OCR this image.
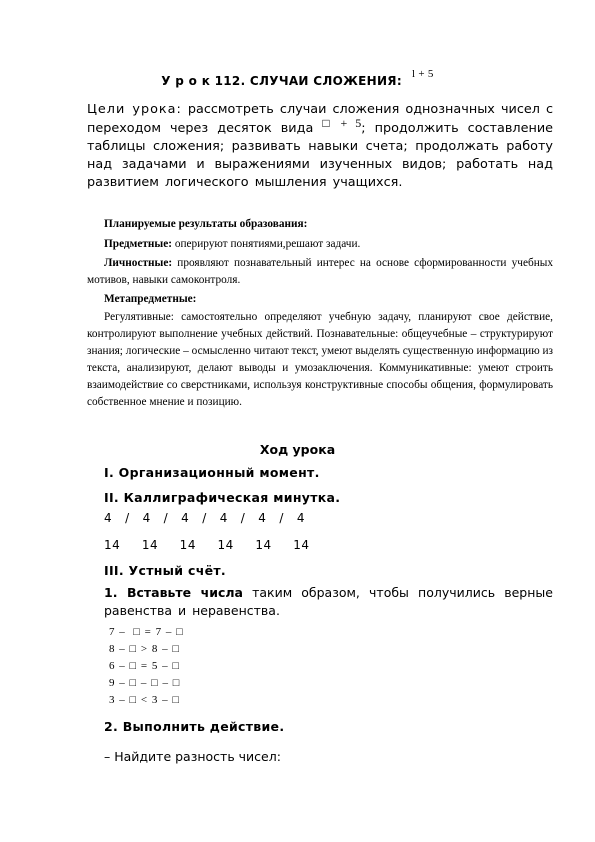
У р о к 112. СЛУЧАИ СЛОЖЕНИЯ: l + 5

Цели урока: рассмотреть случаи сложения однозначных чисел с переходом через десяток вида □ + 5; продолжить составление таблицы сложения; развивать навыки счета; продолжать работу над задачами и выражениями изученных видов; работать над развитием логического мышления учащихся.

Планируемые результаты образования:

Предметные: оперируют понятиями,решают задачи.

Личностные: проявляют познавательный интерес на основе сформированности учебных мотивов, навыки самоконтроля.

Метапредметные:

Регулятивные: самостоятельно определяют учебную задачу, планируют свое действие, контролируют выполнение учебных действий. Познавательные: общеучебные – структурируют знания; логические – осмысленно читают текст, умеют выделять существенную информацию из текста, анализируют, делают выводы и умозаключения. Коммуникативные: умеют строить взаимодействие со сверстниками, используя конструктивные способы общения, формулировать собственное мнение и позицию.

Ход урока

I. Организационный момент.

II. Каллиграфическая минутка.

4   /   4   /   4   /   4   /   4   /   4

14     14     14     14     14     14

III. Устный счёт.

1. Вставьте числа таким образом, чтобы получились верные равенства и неравенства.

7 –  □ = 7 – □

8 – □ > 8 – □

6 – □ = 5 – □

9 – □ – □ – □

3 – □ < 3 – □

2. Выполнить действие.

– Найдите разность чисел:
